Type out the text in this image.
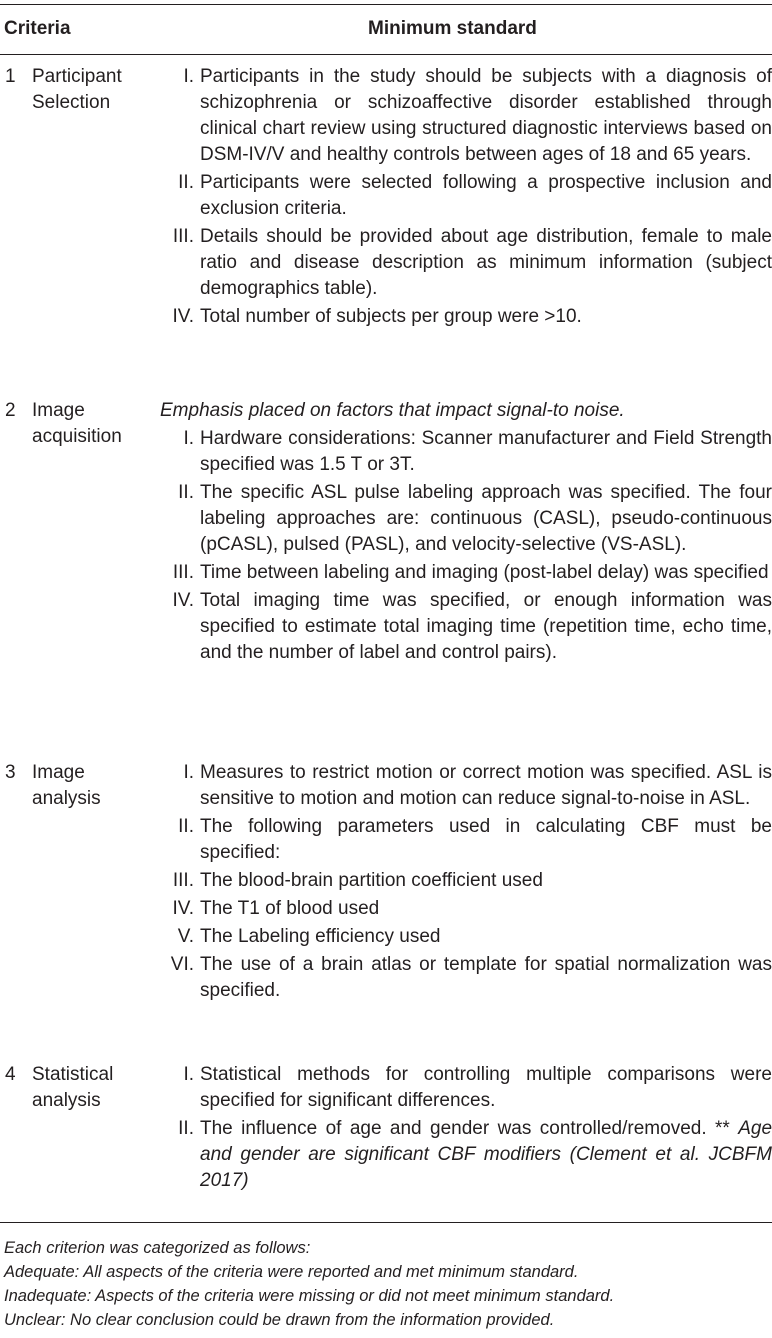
Criteria	Minimum standard
1 Participant Selection
I. Participants in the study should be subjects with a diagnosis of schizophrenia or schizoaffective disorder established through clinical chart review using structured diagnostic interviews based on DSM-IV/V and healthy controls between ages of 18 and 65 years.
II. Participants were selected following a prospective inclusion and exclusion criteria.
III. Details should be provided about age distribution, female to male ratio and disease description as minimum information (subject demographics table).
IV. Total number of subjects per group were >10.
2 Image acquisition
Emphasis placed on factors that impact signal-to noise.
I. Hardware considerations: Scanner manufacturer and Field Strength specified was 1.5 T or 3T.
II. The specific ASL pulse labeling approach was specified. The four labeling approaches are: continuous (CASL), pseudo-continuous (pCASL), pulsed (PASL), and velocity-selective (VS-ASL).
III. Time between labeling and imaging (post-label delay) was specified
IV. Total imaging time was specified, or enough information was specified to estimate total imaging time (repetition time, echo time, and the number of label and control pairs).
3 Image analysis
I. Measures to restrict motion or correct motion was specified. ASL is sensitive to motion and motion can reduce signal-to-noise in ASL.
II. The following parameters used in calculating CBF must be specified:
III. The blood-brain partition coefficient used
IV. The T1 of blood used
V. The Labeling efficiency used
VI. The use of a brain atlas or template for spatial normalization was specified.
4 Statistical analysis
I. Statistical methods for controlling multiple comparisons were specified for significant differences.
II. The influence of age and gender was controlled/removed. ** Age and gender are significant CBF modifiers (Clement et al. JCBFM 2017)
Each criterion was categorized as follows:
Adequate: All aspects of the criteria were reported and met minimum standard.
Inadequate: Aspects of the criteria were missing or did not meet minimum standard.
Unclear: No clear conclusion could be drawn from the information provided.
